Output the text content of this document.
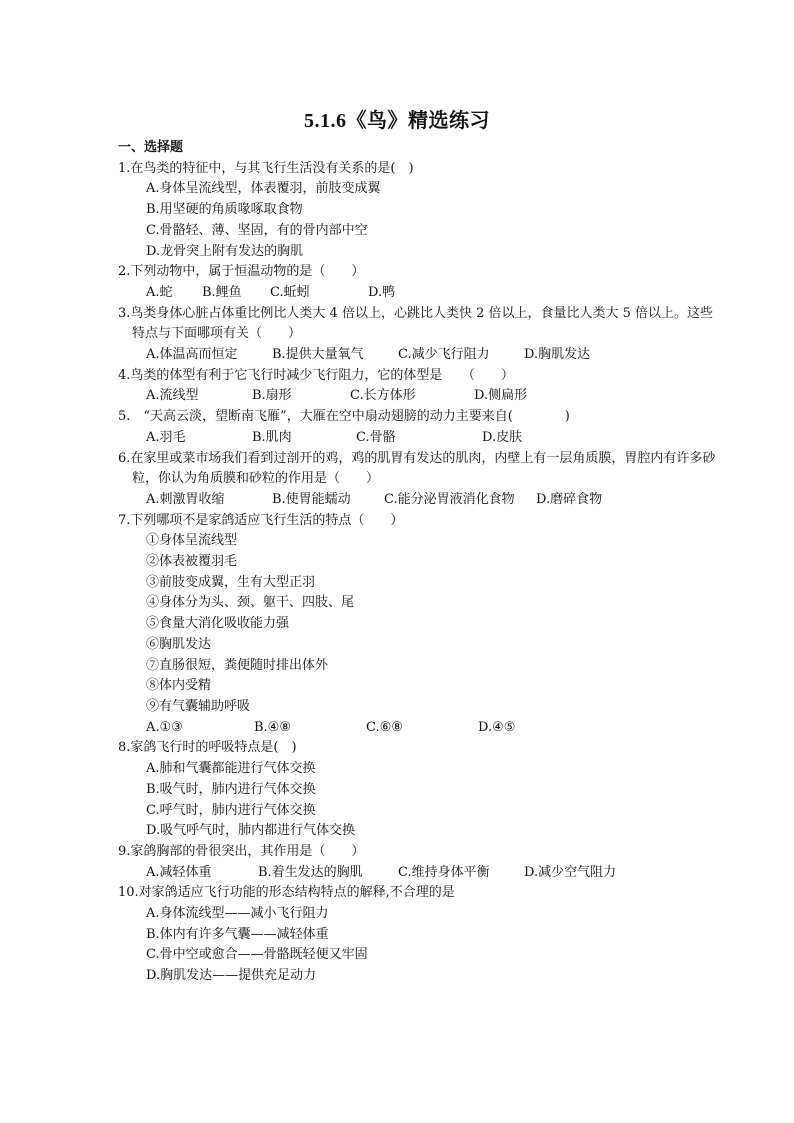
5.1.6《鸟》精选练习
一、选择题
1.在鸟类的特征中，与其飞行生活没有关系的是(　)
A.身体呈流线型，体表覆羽，前肢变成翼
B.用坚硬的角质喙啄取食物
C.骨骼轻、薄、坚固，有的骨内部中空
D.龙骨突上附有发达的胸肌
2.下列动物中，属于恒温动物的是（　　）
A.蛇	B.鲤鱼	C.蚯蚓	D.鸭
3.鸟类身体心脏占体重比例比人类大 4 倍以上，心跳比人类快 2 倍以上，食量比人类大 5 倍以上。这些特点与下面哪项有关（　　）
A.体温高而恒定	B.提供大量氧气	C.减少飞行阻力	D.胸肌发达
4.鸟类的体型有利于它飞行时减少飞行阻力，它的体型是　　（　　）
A.流线型	B.扇形	C.长方体形	D.侧扁形
5.　“天高云淡，望断南飞雁”，大雁在空中扇动翅膀的动力主要来自(　　　　)
A.羽毛	B.肌肉	C.骨骼	D.皮肤
6.在家里或菜市场我们看到过剖开的鸡，鸡的肌胃有发达的肌肉，内壁上有一层角质膜，胃腔内有许多砂粒，你认为角质膜和砂粒的作用是（　　）
A.刺激胃收缩	B.使胃能蠕动	C.能分泌胃液消化食物	D.磨碎食物
7.下列哪项不是家鸽适应飞行生活的特点（　　）
①身体呈流线型
②体表被覆羽毛
③前肢变成翼，生有大型正羽
④身体分为头、颈、躯干、四肢、尾
⑤食量大消化吸收能力强
⑥胸肌发达
⑦直肠很短，粪便随时排出体外
⑧体内受精
⑨有气囊辅助呼吸
A.①③	B.④⑧	C.⑥⑧	D.④⑤
8.家鸽飞行时的呼吸特点是(　)
A.肺和气囊都能进行气体交换
B.吸气时，肺内进行气体交换
C.呼气时，肺内进行气体交换
D.吸气呼气时，肺内都进行气体交换
9.家鸽胸部的骨很突出，其作用是（　　）
A.减轻体重	B.着生发达的胸肌	C.维持身体平衡	D.减少空气阻力
10.对家鸽适应飞行功能的形态结构特点的解释,不合理的是
A.身体流线型——减小飞行阻力
B.体内有许多气囊——减轻体重
C.骨中空或愈合——骨骼既轻便又牢固
D.胸肌发达——提供充足动力
